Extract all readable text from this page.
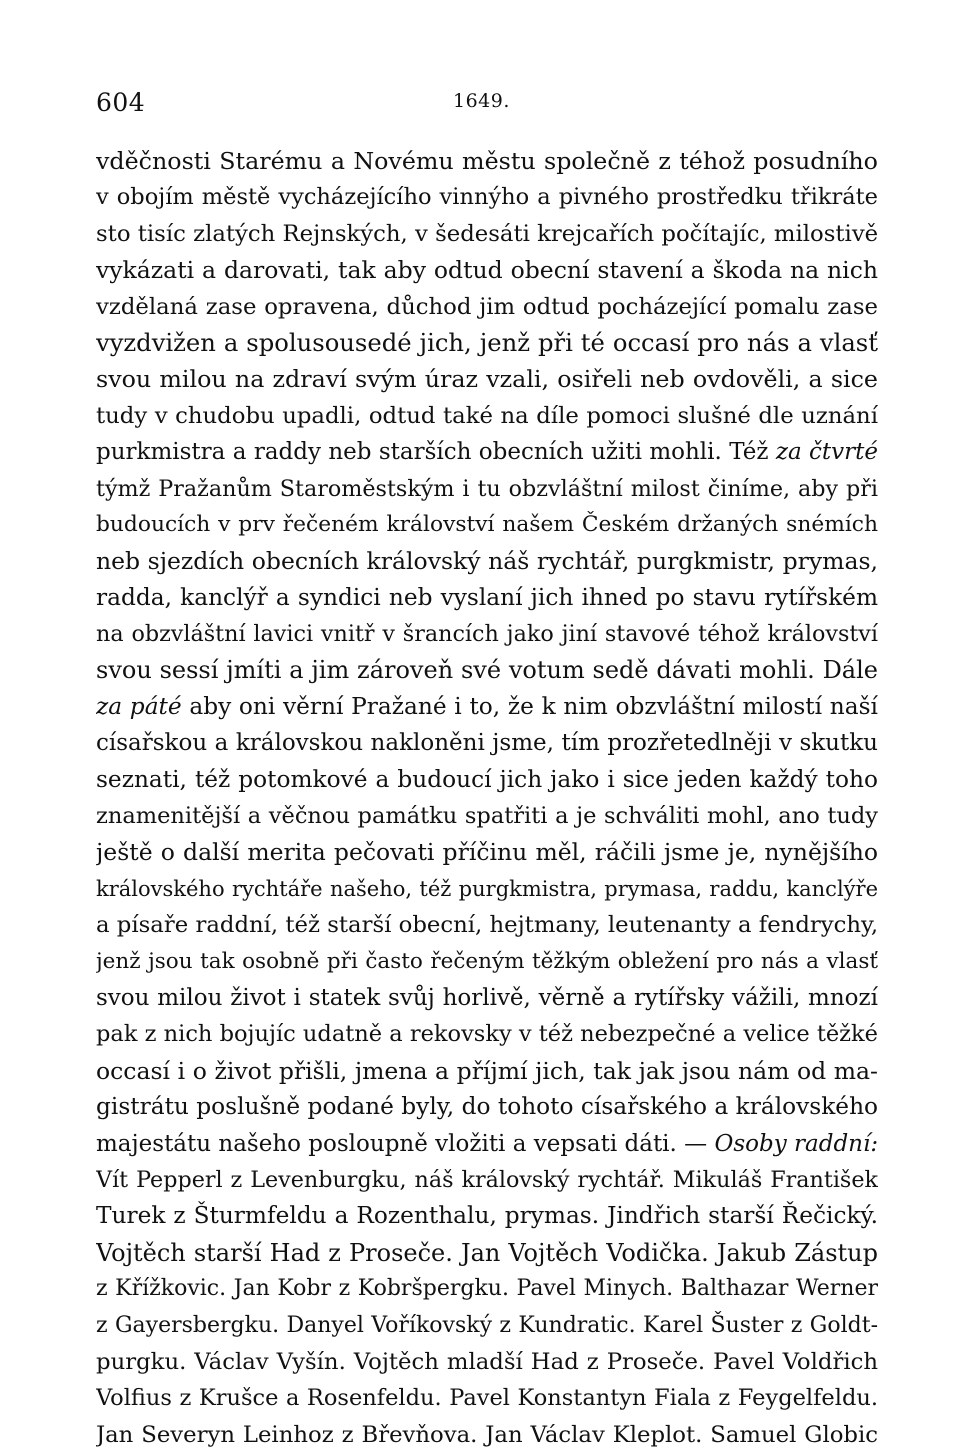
604	1649.
vděčnosti Starému a Novému městu společně z téhož posudního
v obojím městě vycházejícího vinnýho a pivného prostředku třikráte
sto tisíc zlatých Rejnských, v šedesáti krejcařích počítajíc, milostivě
vykázati a darovati, tak aby odtud obecní stavení a škoda na nich
vzdělaná zase opravena, důchod jim odtud pocházející pomalu zase
vyzdvižen a spolusousedé jich, jenž při té occasí pro nás a vlasť
svou milou na zdraví svým úraz vzali, osiřeli neb ovdověli, a sice
tudy v chudobu upadli, odtud také na díle pomoci slušné dle uznání
purkmistra a raddy neb starších obecních užiti mohli. Též za čtvrté
týmž Pražanům Staroměstským i tu obzvláštní milost činíme, aby při
budoucích v prv řečeném království našem Českém držaných snémích
neb sjezdích obecních královský náš rychtář, purgkmistr, prymas,
radda, kanclýř a syndici neb vyslaní jich ihned po stavu rytířském
na obzvláštní lavici vnitř v šrancích jako jiní stavové téhož království
svou sessí jmíti a jim zároveň své votum sedě dávati mohli. Dále
za páté aby oni věrní Pražané i to, že k nim obzvláštní milostí naší
císařskou a královskou nakloněni jsme, tím prozřetedlněji v skutku
seznati, též potomkové a budoucí jich jako i sice jeden každý toho
znamenitější a věčnou památku spatřiti a je schváliti mohl, ano tudy
ještě o další merita pečovati příčinu měl, ráčili jsme je, nynějšího
královského rychtáře našeho, též purgkmistra, prymasa, raddu, kanclýře
a písaře raddní, též starší obecní, hejtmany, leutenanty a fendrychy,
jenž jsou tak osobně při často řečeným těžkým obležení pro nás a vlasť
svou milou život i statek svůj horlivě, věrně a rytířsky vážili, mnozí
pak z nich bojujíc udatně a rekovsky v též nebezpečné a velice těžké
occasí i o život přišli, jmena a příjmí jich, tak jak jsou nám od ma-
gistrátu poslušně podané byly, do tohoto císařského a královského
majestátu našeho posloupně vložiti a vepsati dáti. — Osoby raddní:
Vít Pepperl z Levenburgku, náš královský rychtář. Mikuláš František
Turek z Šturmfeldu a Rozenthalu, prymas. Jindřich starší Řečický.
Vojtěch starší Had z Proseče. Jan Vojtěch Vodička. Jakub Zástup
z Křížkovic. Jan Kobr z Kobršpergku. Pavel Minych. Balthazar Werner
z Gayersbergku. Danyel Voříkovský z Kundratic. Karel Šuster z Goldt-
purgku. Václav Vyšín. Vojtěch mladší Had z Proseče. Pavel Voldřich
Volfius z Krušce a Rosenfeldu. Pavel Konstantyn Fiala z Feygelfeldu.
Jan Severyn Leinhoz z Břevňova. Jan Václav Kleplot. Samuel Globic
